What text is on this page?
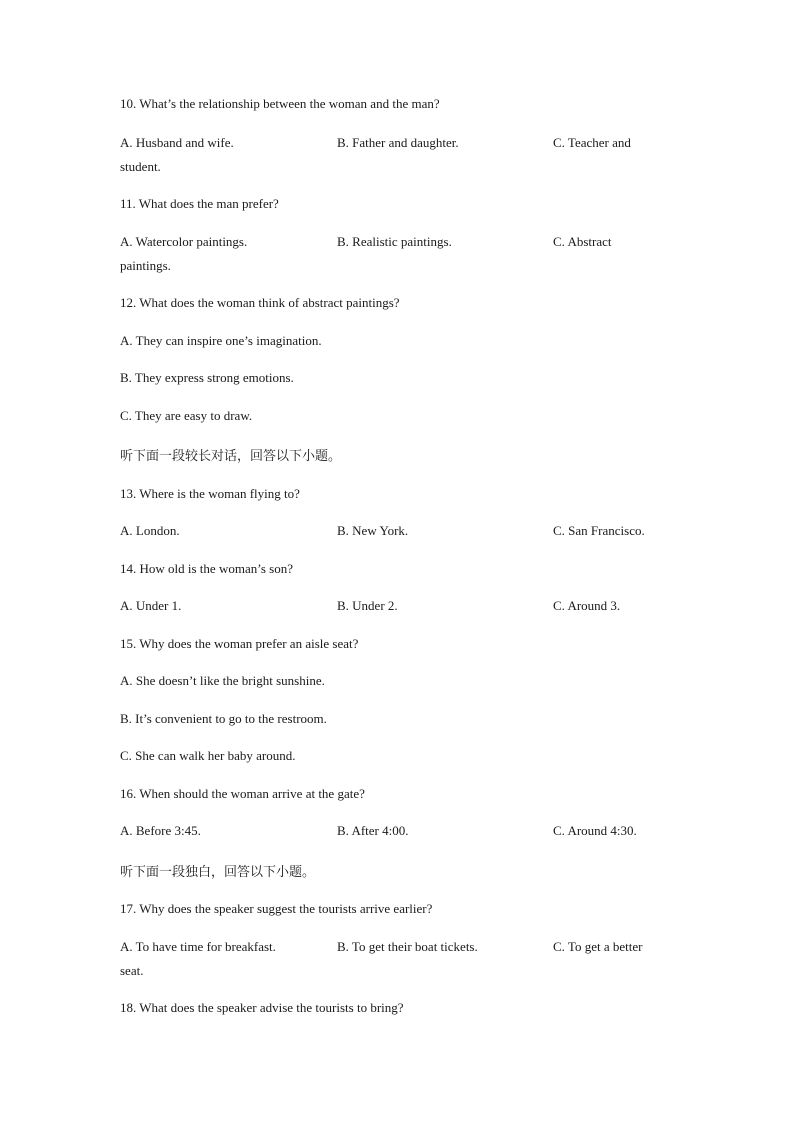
10. What’s the relationship between the woman and the man?
A. Husband and wife.	B. Father and daughter.	C. Teacher and
student.
11. What does the man prefer?
A. Watercolor paintings.	B. Realistic paintings.	C. Abstract
paintings.
12. What does the woman think of abstract paintings?
A. They can inspire one’s imagination.
B. They express strong emotions.
C. They are easy to draw.
听下面一段较长对话，回答以下小题。
13. Where is the woman flying to?
A. London.	B. New York.	C. San Francisco.
14. How old is the woman’s son?
A. Under 1.	B. Under 2.	C. Around 3.
15. Why does the woman prefer an aisle seat?
A. She doesn’t like the bright sunshine.
B. It’s convenient to go to the restroom.
C. She can walk her baby around.
16. When should the woman arrive at the gate?
A. Before 3:45.	B. After 4:00.	C. Around 4:30.
听下面一段独白，回答以下小题。
17. Why does the speaker suggest the tourists arrive earlier?
A. To have time for breakfast.	B. To get their boat tickets.	C. To get a better
seat.
18. What does the speaker advise the tourists to bring?
